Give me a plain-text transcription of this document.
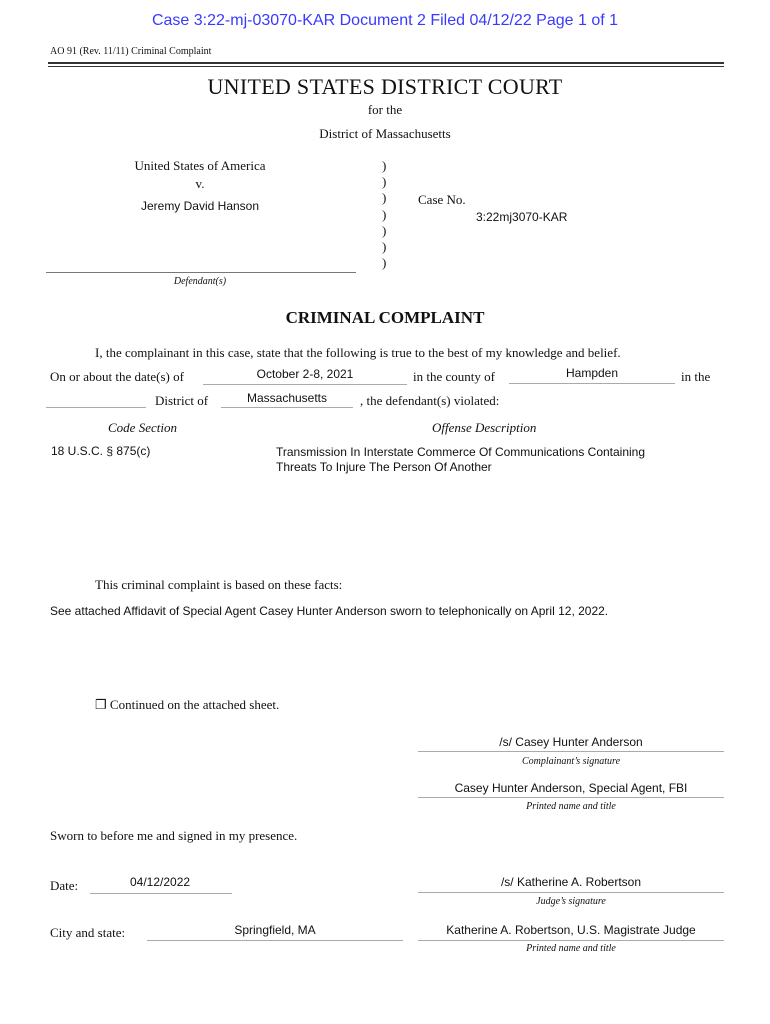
Case 3:22-mj-03070-KAR Document 2 Filed 04/12/22 Page 1 of 1
AO 91 (Rev. 11/11) Criminal Complaint
UNITED STATES DISTRICT COURT
for the
District of Massachusetts
United States of America
v.
Jeremy David Hanson
)
)
)
)
)
)
)
Case No.
3:22mj3070-KAR
Defendant(s)
CRIMINAL COMPLAINT
I, the complainant in this case, state that the following is true to the best of my knowledge and belief.
On or about the date(s) of	October 2-8, 2021	in the county of	Hampden	in the
District of	Massachusetts	, the defendant(s) violated:
Code Section	Offense Description
18 U.S.C. § 875(c)	Transmission In Interstate Commerce Of Communications Containing
Threats To Injure The Person Of Another
This criminal complaint is based on these facts:
See attached Affidavit of Special Agent Casey Hunter Anderson sworn to telephonically on April 12, 2022.
❒ Continued on the attached sheet.
/s/ Casey Hunter Anderson
Complainant’s signature
Casey Hunter Anderson, Special Agent, FBI
Printed name and title
Sworn to before me and signed in my presence.
Date:	04/12/2022	/s/ Katherine A. Robertson
Judge’s signature
City and state:	Springfield, MA	Katherine A. Robertson, U.S. Magistrate Judge
Printed name and title
